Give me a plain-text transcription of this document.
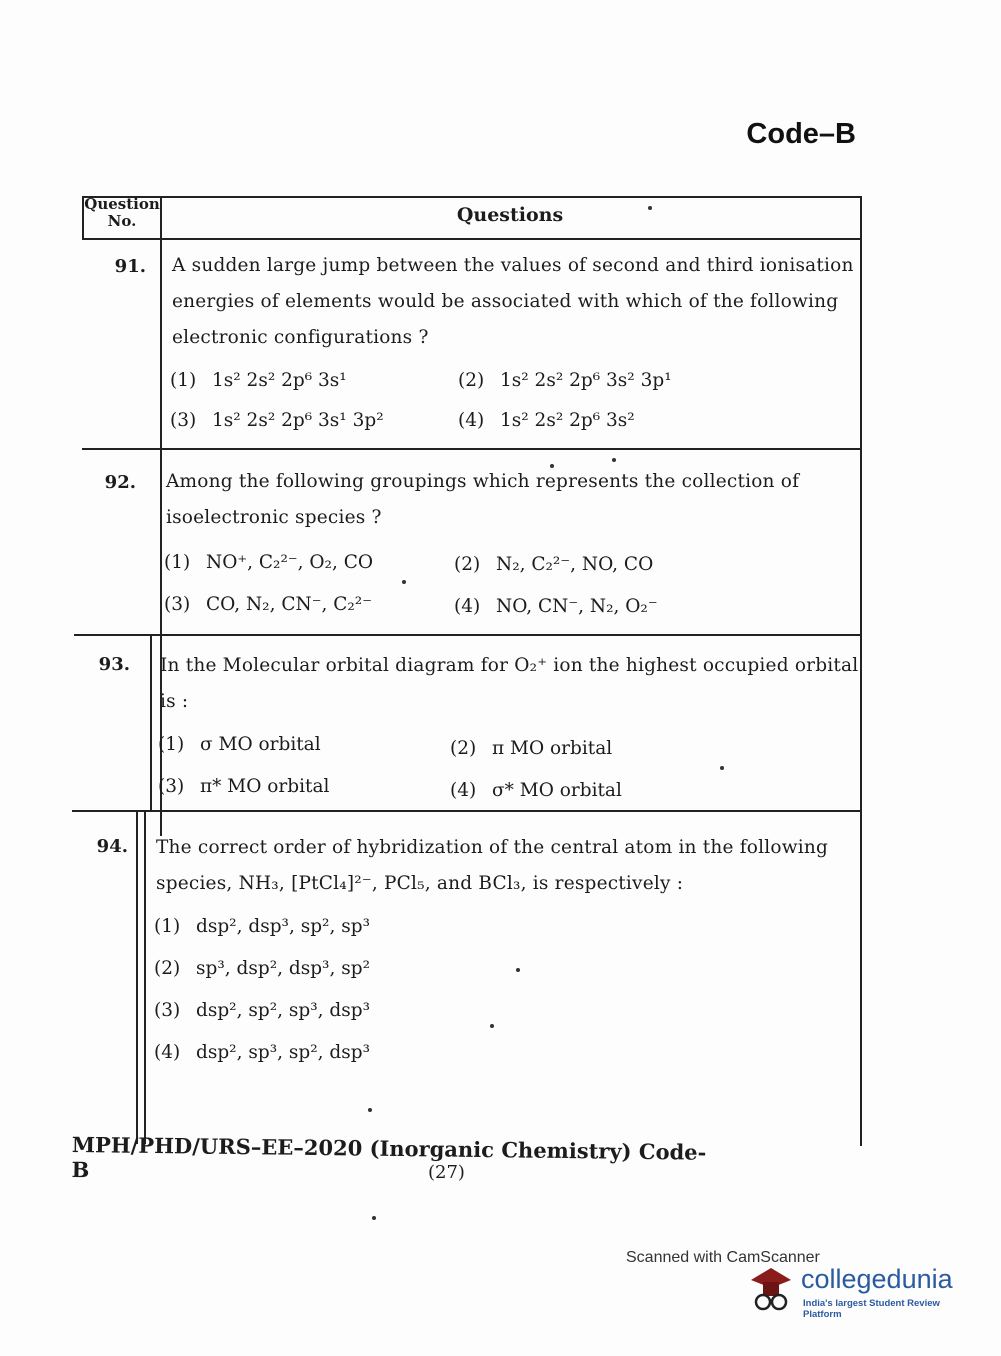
Code–B
Question No.	Questions
91. A sudden large jump between the values of second and third ionisation
energies of elements would be associated with which of the following
electronic configurations ?
(1) 1s² 2s² 2p⁶ 3s¹	(2) 1s² 2s² 2p⁶ 3s² 3p¹
(3) 1s² 2s² 2p⁶ 3s¹ 3p²	(4) 1s² 2s² 2p⁶ 3s²
92. Among the following groupings which represents the collection of
isoelectronic species ?
(1) NO⁺, C₂²⁻, O₂, CO	(2) N₂, C₂²⁻, NO, CO
(3) CO, N₂, CN⁻, C₂²⁻	(4) NO, CN⁻, N₂, O₂⁻
93. In the Molecular orbital diagram for O₂⁺ ion the highest occupied orbital
is :
(1) σ MO orbital	(2) π MO orbital
(3) π* MO orbital	(4) σ* MO orbital
94. The correct order of hybridization of the central atom in the following
species, NH₃, [PtCl₄]²⁻, PCl₅, and BCl₃, is respectively :
(1) dsp², dsp³, sp², sp³
(2) sp³, dsp², dsp³, sp²
(3) dsp², sp², sp³, dsp³
(4) dsp², sp³, sp², dsp³
MPH/PHD/URS–EE–2020 (Inorganic Chemistry) Code-B	(27)
Scanned with CamScanner
collegedunia
India's largest Student Review Platform
